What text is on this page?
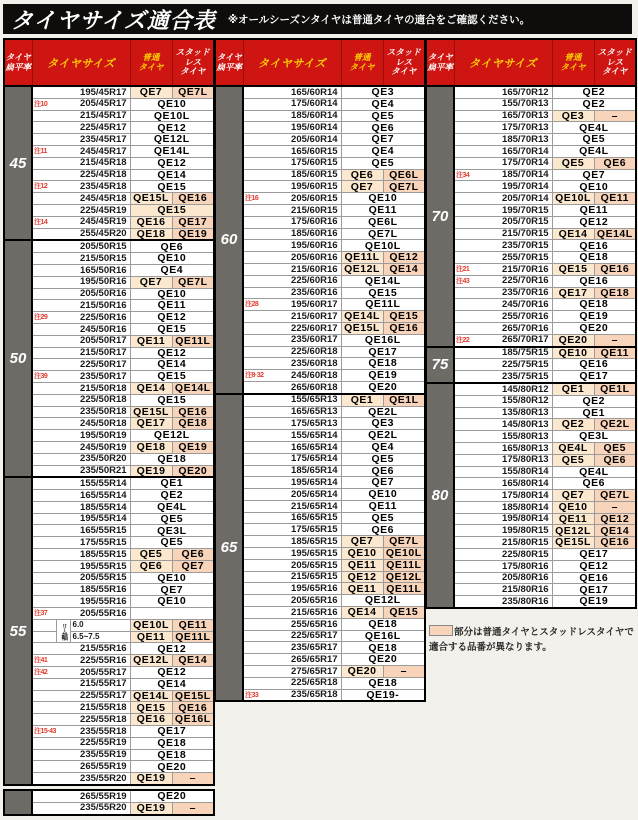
タイヤサイズ適合表 ※オールシーズンタイヤは普通タイヤの適合をご確認ください。
タイヤ
扁平率	タイヤサイズ	
普通
タイヤ

スタッドレス
タイヤ
45	195/45R17	QE7	QE7L

	注10 205/45R17	QE10	
	215/45R17	QE10L	
	225/45R17	QE12	
	235/45R17	QE12L	

	注11 245/45R17	QE14L	
	215/45R18	QE12	
	225/45R18	QE14	

	注12 235/45R18	QE15	
	245/45R18	QE15L	QE16
	225/45R19	QE15	

	注14 245/45R19	QE16	QE17
	255/45R20	QE18	QE19
50	205/50R15	QE6	
	215/50R15	QE10	
	165/50R16	QE4	
	195/50R16	QE7	QE7L
	205/50R16	QE10	
	215/50R16	QE11	

	注29 225/50R16	QE12	
	245/50R16	QE15	
	205/50R17	QE11	QE11L
	215/50R17	QE12	
	225/50R17	QE14	

	注39 235/50R17	QE15	
	215/50R18	QE14	QE14L
	225/50R18	QE15	
	235/50R18	QE15L	QE16
	245/50R18	QE17	QE18
	195/50R19	QE12L	
	245/50R19	QE18	QE19
	235/50R20	QE18	
	235/50R21	QE19	QE20
55	155/55R14			QE1	
	165/55R14			QE2	
	185/55R14			QE4L	
	195/55R14			QE5	
	165/55R15			QE3L	
	175/55R15			QE5	
	185/55R15			QE5	QE6
	195/55R15			QE6	QE7
	205/55R15			QE10	
	185/55R16			QE7	
	195/55R16			QE10	

	注37 205/55R16				
		リム幅	6.0	QE10L	QE11
			6.5~7.5	QE11	QE11L
	215/55R16			QE12	

	注41 225/55R16			QE12L	QE14

	注42 205/55R17			QE12	
	215/55R17			QE14	
	225/55R17			QE14L	QE15L
	215/55R18			QE15	QE16
	225/55R18			QE16	QE16L

	注15·43 235/55R18			QE17	
	225/55R19			QE18	
	235/55R19			QE18	
	265/55R19			QE20	
	235/55R20			QE19	–
	265/55R19	QE20	
	235/55R20	QE19	–
タイヤ
扁平率	タイヤサイズ	
普通
タイヤ

スタッドレス
タイヤ
60	165/60R14	QE3	
	175/60R14	QE4	
	185/60R14	QE5	
	195/60R14	QE6	
	205/60R14	QE7	
	165/60R15	QE4	
	175/60R15	QE5	
	185/60R15	QE6	QE6L
	195/60R15	QE7	QE7L

	注16 205/60R15	QE10	
	215/60R15	QE11	
	175/60R16	QE6L	
	185/60R16	QE7L	
	195/60R16	QE10L	
	205/60R16	QE11L	QE12
	215/60R16	QE12L	QE14
	225/60R16	QE14L	
	235/60R16	QE15	

	注28 195/60R17	QE11L	
	215/60R17	QE14L	QE15
	225/60R17	QE15L	QE16
	235/60R17	QE16L	
	225/60R18	QE17	
	235/60R18	QE18	

	注8·32 245/60R18	QE19	
	265/60R18	QE20	
65	155/65R13	QE1	QE1L
	165/65R13	QE2L	
	175/65R13	QE3	
	155/65R14	QE2L	
	165/65R14	QE4	
	175/65R14	QE5	
	185/65R14	QE6	
	195/65R14	QE7	
	205/65R14	QE10	
	215/65R14	QE11	
	165/65R15	QE5	
	175/65R15	QE6	
	185/65R15	QE7	QE7L
	195/65R15	QE10	QE10L
	205/65R15	QE11	QE11L
	215/65R15	QE12	QE12L
	195/65R16	QE11	QE11L
	205/65R16	QE12L	
	215/65R16	QE14	QE15
	255/65R16	QE18	
	225/65R17	QE16L	
	235/65R17	QE18	
	265/65R17	QE20	
	275/65R17	QE20	–
	225/65R18	QE18	

	注33 235/65R18	QE19-	
タイヤ
扁平率	タイヤサイズ	
普通
タイヤ

スタッドレス
タイヤ
70	165/70R12	QE2	
	155/70R13	QE2	
	165/70R13	QE3	–
	175/70R13	QE4L	
	185/70R13	QE5	
	165/70R14	QE4L	
	175/70R14	QE5	QE6

	注34 185/70R14	QE7	
	195/70R14	QE10	
	205/70R14	QE10L	QE11
	195/70R15	QE11	
	205/70R15	QE12	
	215/70R15	QE14	QE14L
	235/70R15	QE16	
	255/70R15	QE18	

	注21 215/70R16	QE15	QE16

	注43 225/70R16	QE16	
	235/70R16	QE17	QE18
	245/70R16	QE18	
	255/70R16	QE19	
	265/70R16	QE20	

	注22 265/70R17	QE20	–
75	185/75R15	QE10	QE11
	225/75R15	QE16	
	235/75R15	QE17	
80	145/80R12	QE1	QE1L
	155/80R12	QE2	
	135/80R13	QE1	
	145/80R13	QE2	QE2L
	155/80R13	QE3L	
	165/80R13	QE4L	QE5
	175/80R13	QE5	QE6
	155/80R14	QE4L	
	165/80R14	QE6	
	175/80R14	QE7	QE7L
	185/80R14	QE10	–
	195/80R14	QE11	QE12
	195/80R15	QE12L	QE14
	215/80R15	QE15L	QE16
	225/80R15	QE17	
	175/80R16	QE12	
	205/80R16	QE16	
	215/80R16	QE17	
	235/80R16	QE19	
部分は普通タイヤとスタッドレスタイヤで
適合する品番が異なります。
